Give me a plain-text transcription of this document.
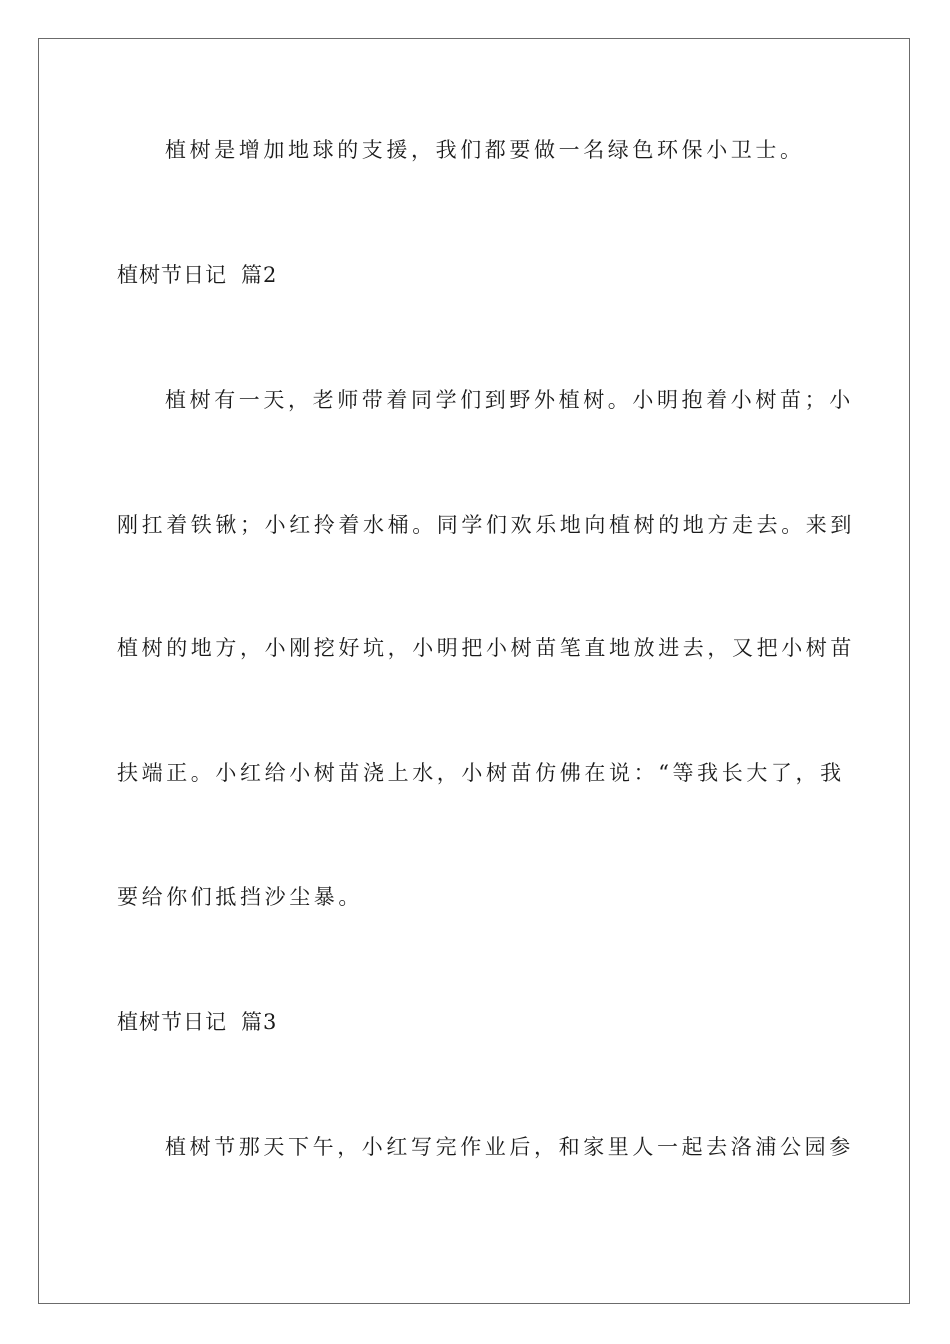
植树是增加地球的支援，我们都要做一名绿色环保小卫士。
植树节日记 篇2
植树有一天，老师带着同学们到野外植树。小明抱着小树苗；小
刚扛着铁锹；小红拎着水桶。同学们欢乐地向植树的地方走去。来到
植树的地方，小刚挖好坑，小明把小树苗笔直地放进去，又把小树苗
扶端正。小红给小树苗浇上水，小树苗仿佛在说：“等我长大了，我
要给你们抵挡沙尘暴。
植树节日记 篇3
植树节那天下午，小红写完作业后，和家里人一起去洛浦公园参
